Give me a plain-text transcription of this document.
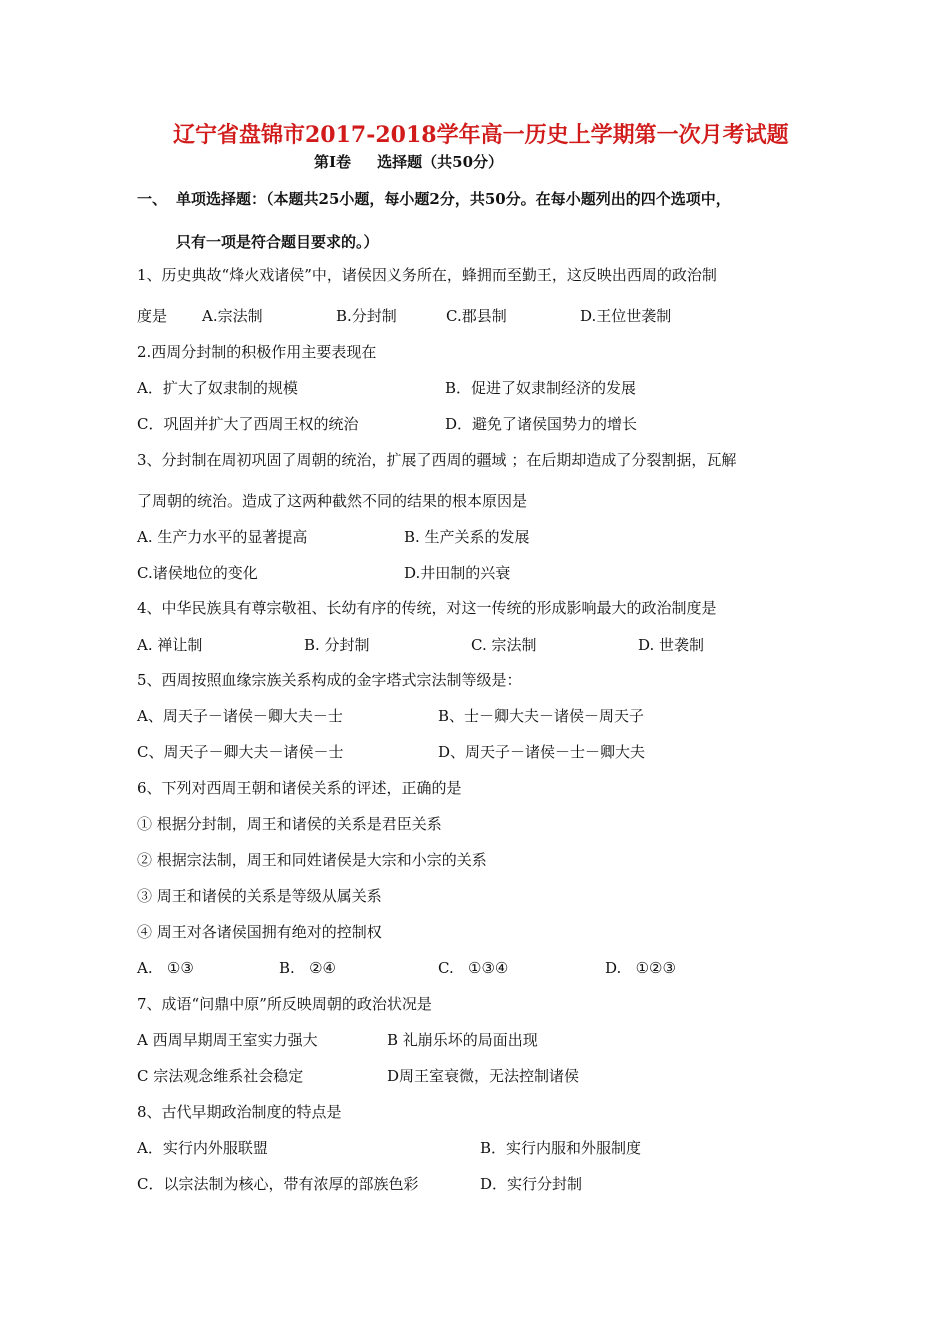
辽宁省盘锦市2017-2018学年高一历史上学期第一次月考试题
第I卷     选择题（共50分）
一、 单项选择题：（本题共25小题，每小题2分，共50分。在每小题列出的四个选项中，
只有一项是符合题目要求的。）
1、历史典故“烽火戏诸侯”中，诸侯因义务所在，蜂拥而至勤王，这反映出西周的政治制
度是 A.宗法制	B.分封制	C.郡县制	D.王位世袭制
2.西周分封制的积极作用主要表现在
A．扩大了奴隶制的规模	B．促进了奴隶制经济的发展
C．巩固并扩大了西周王权的统治	D．避免了诸侯国势力的增长
3、分封制在周初巩固了周朝的统治，扩展了西周的疆域 ；在后期却造成了分裂割据，瓦解
了周朝的统治。造成了这两种截然不同的结果的根本原因是
A. 生产力水平的显著提高	B. 生产关系的发展
C.诸侯地位的变化	D.井田制的兴衰
4、中华民族具有尊宗敬祖、长幼有序的传统，对这一传统的形成影响最大的政治制度是
A. 禅让制	B. 分封制	C. 宗法制	D. 世袭制
5、西周按照血缘宗族关系构成的金字塔式宗法制等级是：
A、周天子－诸侯－卿大夫－士	B、士－卿大夫－诸侯－周天子
C、周天子－卿大夫－诸侯－士	D、周天子－诸侯－士－卿大夫
6、下列对西周王朝和诸侯关系的评述，正确的是
① 根据分封制，周王和诸侯的关系是君臣关系
② 根据宗法制，周王和同姓诸侯是大宗和小宗的关系
③ 周王和诸侯的关系是等级从属关系
④ 周王对各诸侯国拥有绝对的控制权
A.   ①③	B.   ②④	C.   ①③④	D.   ①②③
7、成语“问鼎中原”所反映周朝的政治状况是
A 西周早期周王室实力强大	B 礼崩乐坏的局面出现
C 宗法观念维系社会稳定	D周王室衰微，无法控制诸侯
8、古代早期政治制度的特点是
A．实行内外服联盟	B．实行内服和外服制度
C．以宗法制为核心，带有浓厚的部族色彩	D．实行分封制
